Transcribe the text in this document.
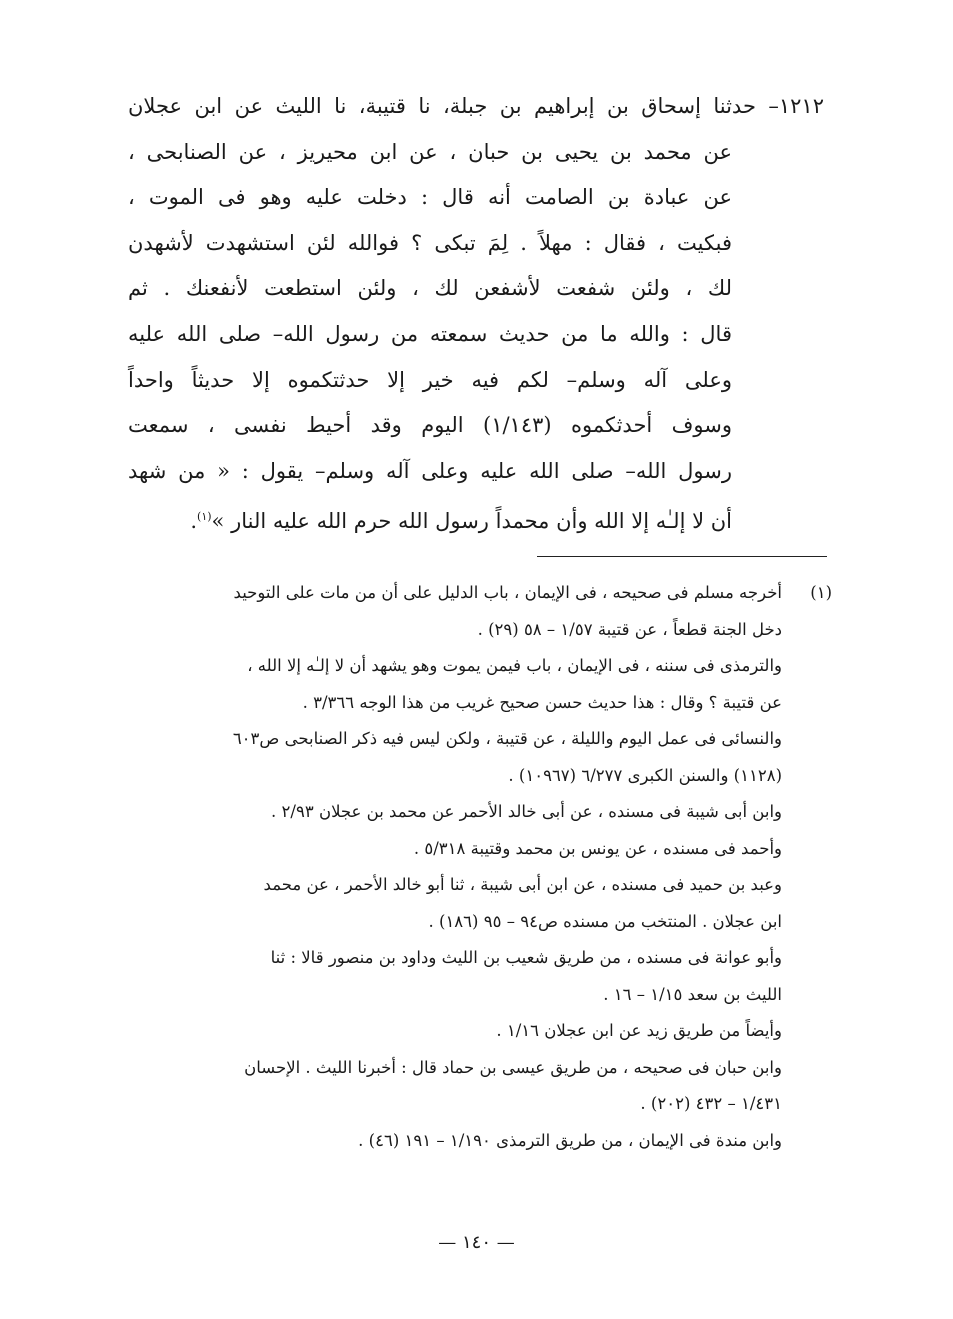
١٢١٢– حدثنا إسحاق بن إبراهيم بن جبلة، نا قتيبة، نا الليث عن ابن عجلان
عن محمد بن يحيى بن حبان ، عن ابن محيريز ، عن الصنابحى ،
عن عبادة بن الصامت أنه قال : دخلت عليه وهو فى الموت ،
فبكيت ، فقال : مهلاً . لِمَ تبكى ؟ فوالله لئن استشهدت لأشهدن
لك ، ولئن شفعت لأشفعن لك ، ولئن استطعت لأنفعنك . ثم
قال : والله ما من حديث سمعته من رسول الله– صلى الله عليه
وعلى آله وسلم– لكم فيه خير إلا حدثتكموه إلا حديثاً واحداً
وسوف أحدثكموه (١/١٤٣) اليوم وقد أحيط نفسى ، سمعت
رسول الله– صلى الله عليه وعلى آله وسلم– يقول : « من شهد
أن لا إلـٰه إلا الله وأن محمداً رسول الله حرم الله عليه النار »$^{(١)}$.
(١)أخرجه مسلم فى صحيحه ، فى الإيمان ، باب الدليل على أن من مات على التوحيد
دخل الجنة قطعاً ، عن قتيبة ١/٥٧ – ٥٨ (٢٩) .
والترمذى فى سننه ، فى الإيمان ، باب فيمن يموت وهو يشهد أن لا إلـٰه إلا الله ،
عن قتيبة ؟ وقال : هذا حديث حسن صحيح غريب من هذا الوجه ٣/٣٦٦ .
والنسائى فى عمل اليوم والليلة ، عن قتيبة ، ولكن ليس فيه ذكر الصنابحى ص٦٠٣
(١١٢٨) والسنن الكبرى ٦/٢٧٧ (١٠٩٦٧) .
وابن أبى شيبة فى مسنده ، عن أبى خالد الأحمر عن محمد بن عجلان ٢/٩٣ .
وأحمد فى مسنده ، عن يونس بن محمد وقتيبة ٥/٣١٨ .
وعبد بن حميد فى مسنده ، عن ابن أبى شيبة ، ثنا أبو خالد الأحمر ، عن محمد
ابن عجلان . المنتخب من مسنده ص٩٤ – ٩٥ (١٨٦) .
وأبو عوانة فى مسنده ، من طريق شعيب بن الليث وداود بن منصور قالا : ثنا
الليث بن سعد ١/١٥ – ١٦ .
وأيضاً من طريق زيد عن ابن عجلان ١/١٦ .
وابن حبان فى صحيحه ، من طريق عيسى بن حماد قال : أخبرنا الليث . الإحسان
١/٤٣١ – ٤٣٢ (٢٠٢) .
وابن مندة فى الإيمان ، من طريق الترمذى ١/١٩٠ – ١٩١ (٤٦) .
— ١٤٠ —
